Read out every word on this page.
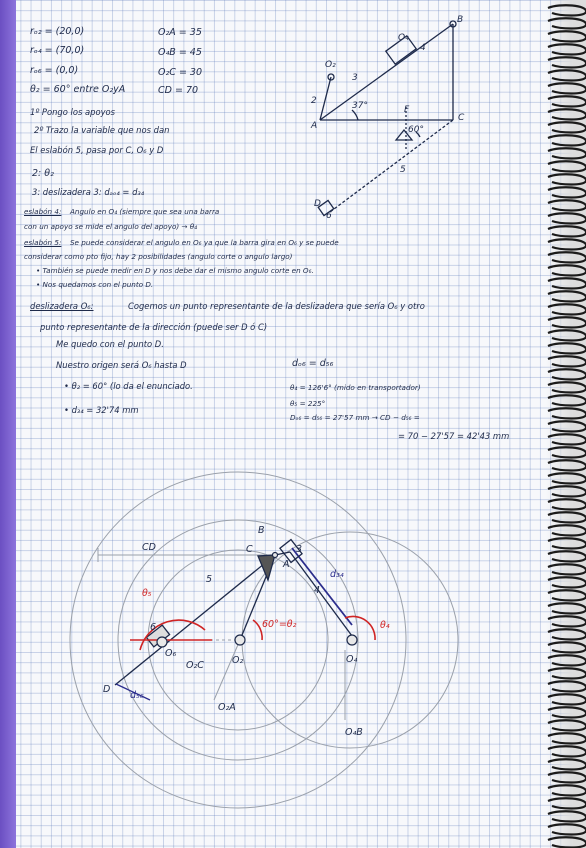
rₒ₂ = (20,0)
rₒ₄ = (70,0)
rₒ₆ = (0,0)
θ₂ = 60° entre O₂yA
O₂A = 35
O₄B = 45
O₂C = 30
CD = 70
1º Pongo los apoyos
2º Trazo la variable que nos dan
El eslabón 5, pasa por C, O₆ y D
2: θ₂
3: deslizadera 3: dₐₒ₄ = d₃₄
eslabón 4: Angulo en O₄ (siempre que sea una barra
con un apoyo se mide el angulo del apoyo) → θ₄
eslabón 5: Se puede considerar el angulo en O₆ ya que la barra gira en O₆ y se puede
considerar como pto fijo, hay 2 posibilidades (angulo corte o angulo largo)
• También se puede medir en D y nos debe dar el mismo angulo corte en O₆.
• Nos quedamos con el punto D.
deslizadera O₆:	Cogemos un punto representante de la deslizadera que sería O₆ y otro
punto representante de la dirección (puede ser D ó C)
Me quedo con el punto D.
Nuestro origen será O₆ hasta D	dₒ₆ = d₅₆
• θ₂ = 60° (lo da el enunciado.
• d₃₄ = 32'74 mm
θ₄ = 126'6° (mido en transportador)
θ₅ = 225°
Dₒ₆ = d₅₆ = 27'57 mm → CD − d₅₆ =
= 70 − 27'57 = 42'43 mm
O₄
B
4
O₂
3
2	37°
A
F
C
60°
5
D
6
B
C	3
A
d₃₄
CD
5
4
θ₅
θ₄
60°=θ₂
6
O₆
O₂C	O₂	O₄
D
d₅₆
O₂A
O₄B
